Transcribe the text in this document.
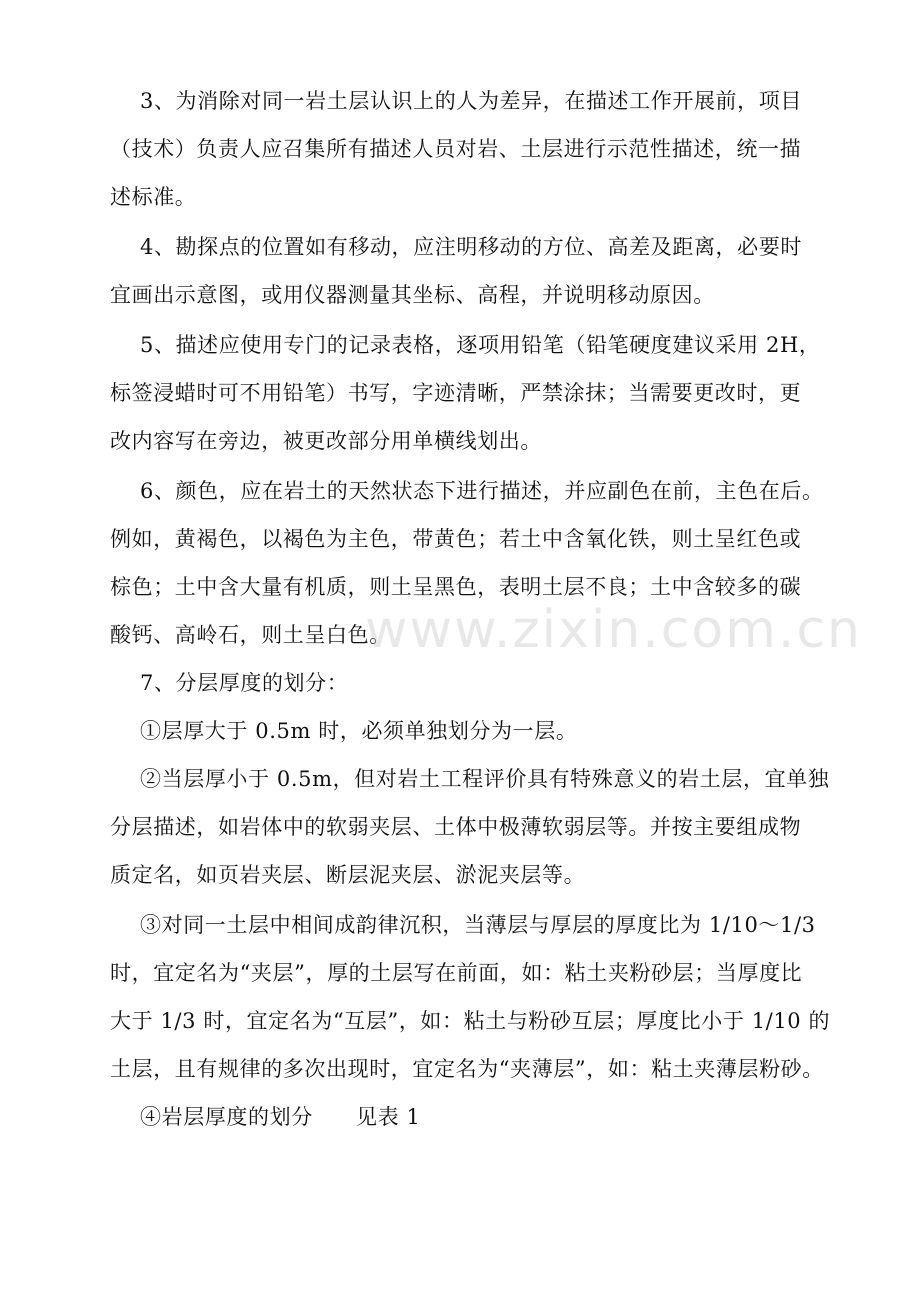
3、为消除对同一岩土层认识上的人为差异，在描述工作开展前，项目
（技术）负责人应召集所有描述人员对岩、土层进行示范性描述，统一描
述标准。
4、勘探点的位置如有移动，应注明移动的方位、高差及距离，必要时
宜画出示意图，或用仪器测量其坐标、高程，并说明移动原因。
5、描述应使用专门的记录表格，逐项用铅笔（铅笔硬度建议采用 2H，
标签浸蜡时可不用铅笔）书写，字迹清晰，严禁涂抹；当需要更改时，更
改内容写在旁边，被更改部分用单横线划出。
6、颜色，应在岩土的天然状态下进行描述，并应副色在前，主色在后。
例如，黄褐色，以褐色为主色，带黄色；若土中含氧化铁，则土呈红色或
棕色；土中含大量有机质，则土呈黑色，表明土层不良；土中含较多的碳
酸钙、高岭石，则土呈白色。
7、分层厚度的划分：
①层厚大于 0.5m 时，必须单独划分为一层。
②当层厚小于 0.5m，但对岩土工程评价具有特殊意义的岩土层，宜单独
分层描述，如岩体中的软弱夹层、土体中极薄软弱层等。并按主要组成物
质定名，如页岩夹层、断层泥夹层、淤泥夹层等。
③对同一土层中相间成韵律沉积，当薄层与厚层的厚度比为 1/10～1/3
时，宜定名为“夹层”，厚的土层写在前面，如：粘土夹粉砂层；当厚度比
大于 1/3 时，宜定名为“互层”，如：粘土与粉砂互层；厚度比小于 1/10 的
土层，且有规律的多次出现时，宜定名为“夹薄层”，如：粘土夹薄层粉砂。
④岩层厚度的划分　　见表 1
www.zixin.com.cn
